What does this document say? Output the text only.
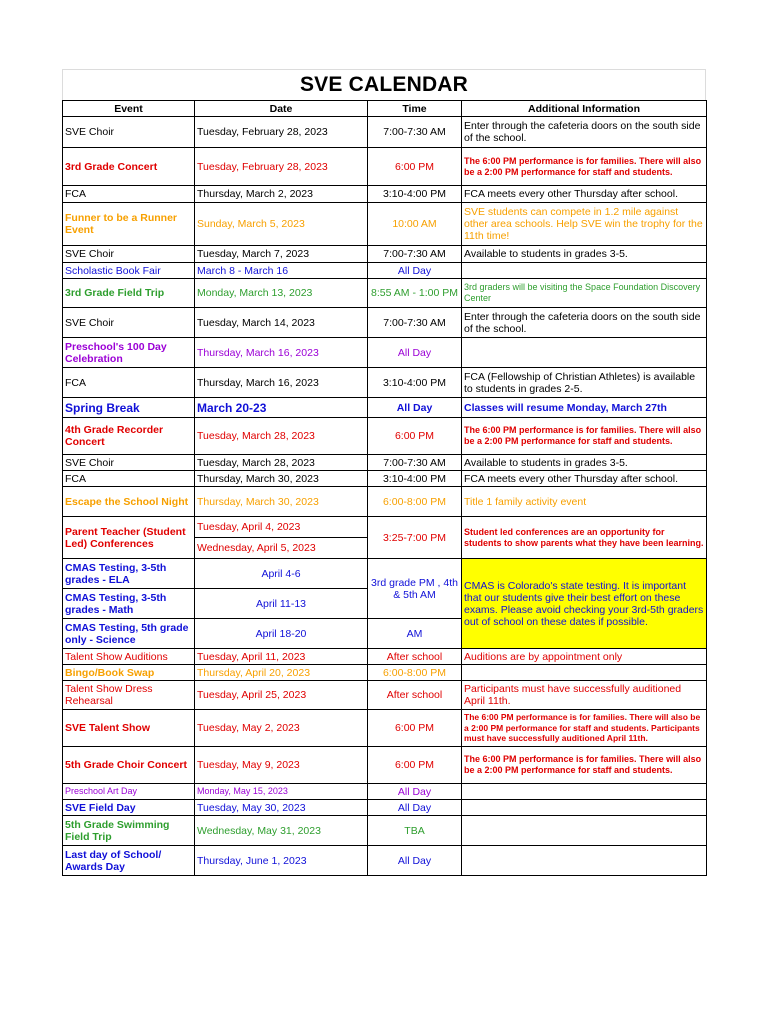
SVE CALENDAR
Event	Date	Time	Additional Information
SVE Choir	Tuesday, February 28, 2023	7:00-7:30 AM	Enter through the cafeteria doors on the south side of the school.
3rd Grade Concert	Tuesday, February 28, 2023	6:00 PM	The 6:00 PM performance is for families. There will also be a 2:00 PM performance for staff and students.
FCA	Thursday, March 2, 2023	3:10-4:00 PM	FCA meets every other Thursday after school.
Funner to be a Runner Event	Sunday, March 5, 2023	10:00 AM	SVE students can compete in 1.2 mile against other area schools. Help SVE win the trophy for the 11th time!
SVE Choir	Tuesday, March 7, 2023	7:00-7:30 AM	Available to students in grades 3-5.
Scholastic Book Fair	March 8 - March 16	All Day	
3rd Grade Field Trip	Monday, March 13, 2023	8:55 AM - 1:00 PM	3rd graders will be visiting the Space Foundation Discovery Center
SVE Choir	Tuesday, March 14, 2023	7:00-7:30 AM	Enter through the cafeteria doors on the south side of the school.
Preschool's 100 Day Celebration	Thursday, March 16, 2023	All Day	
FCA	Thursday, March 16, 2023	3:10-4:00 PM	FCA (Fellowship of Christian Athletes) is available to students in grades 2-5.
Spring Break	March 20-23	All Day	Classes will resume Monday, March 27th
4th Grade Recorder Concert	Tuesday, March 28, 2023	6:00 PM	The 6:00 PM performance is for families. There will also be a 2:00 PM performance for staff and students.
SVE Choir	Tuesday, March 28, 2023	7:00-7:30 AM	Available to students in grades 3-5.
FCA	Thursday, March 30, 2023	3:10-4:00 PM	FCA meets every other Thursday after school.
Escape the School Night	Thursday, March 30, 2023	6:00-8:00 PM	Title 1 family activity event
Parent Teacher (Student Led) Conferences	Tuesday, April 4, 2023	3:25-7:00 PM	Student led conferences are an opportunity for students to show parents what they have been learning.
	Wednesday, April 5, 2023		
CMAS Testing, 3-5th grades - ELA	April 4-6	3rd grade PM , 4th & 5th AM	CMAS is Colorado's state testing. It is important that our students give their best effort on these exams. Please avoid checking your 3rd-5th graders out of school on these dates if possible.
CMAS Testing, 3-5th grades - Math	April 11-13		
CMAS Testing, 5th grade only - Science	April 18-20	AM	
Talent Show Auditions	Tuesday, April 11, 2023	After school	Auditions are by appointment only
Bingo/Book Swap	Thursday, April 20, 2023	6:00-8:00 PM	
Talent Show Dress Rehearsal	Tuesday, April 25, 2023	After school	Participants must have successfully auditioned April 11th.
SVE Talent Show	Tuesday, May 2, 2023	6:00 PM	The 6:00 PM performance is for families. There will also be a 2:00 PM performance for staff and students. Participants must have successfully auditioned April 11th.
5th Grade Choir Concert	Tuesday, May 9, 2023	6:00 PM	The 6:00 PM performance is for families. There will also be a 2:00 PM performance for staff and students.
Preschool Art Day	Monday, May 15, 2023	All Day	
SVE Field Day	Tuesday, May 30, 2023	All Day	
5th Grade Swimming Field Trip	Wednesday, May 31, 2023	TBA	
Last day of School/ Awards Day	Thursday, June 1, 2023	All Day	
